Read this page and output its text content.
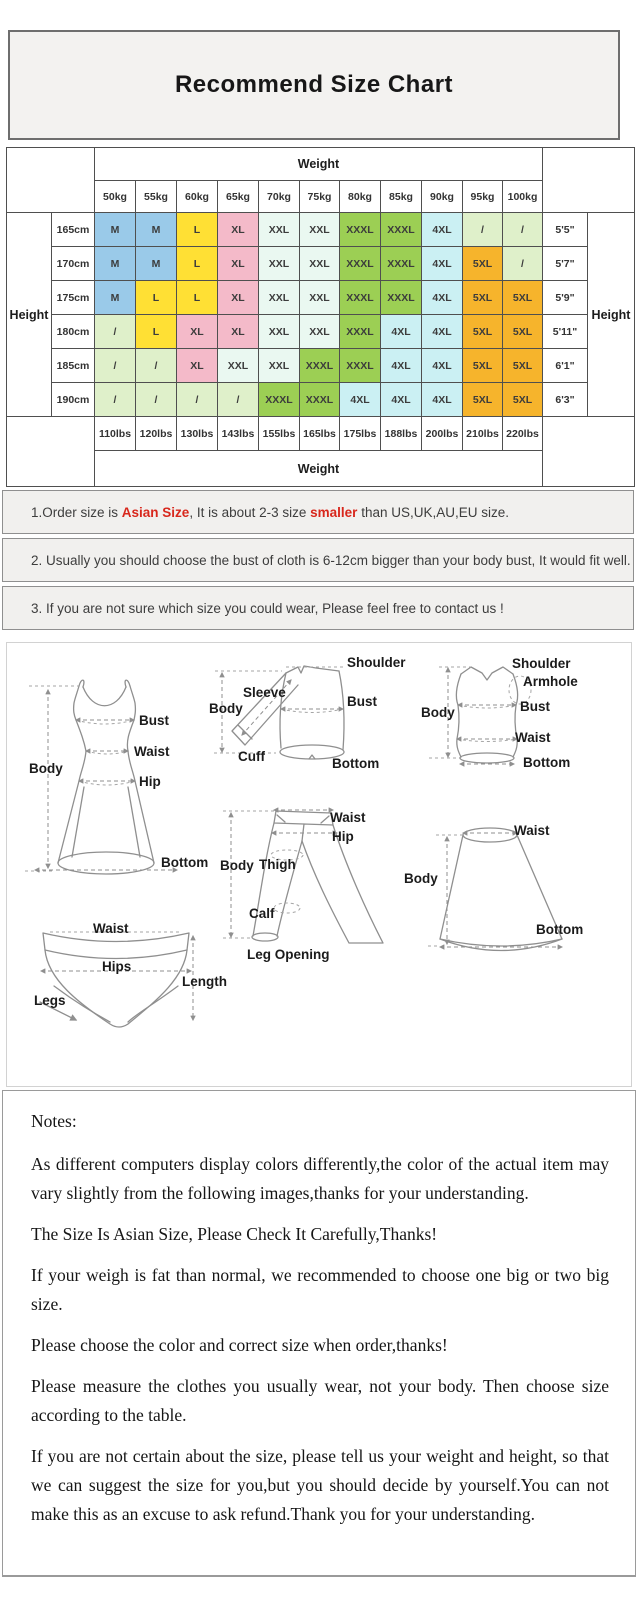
Recommend Size Chart
		Weight												
		50kg	55kg	60kg	65kg	70kg	75kg	80kg	85kg	90kg	95kg	100kg		
Height	165cm	M	M	L	XL	XXL	XXL	XXXL	XXXL	4XL	/	/	5'5"	Height
	170cm	M	M	L	XL	XXL	XXL	XXXL	XXXL	4XL	5XL	/	5'7"	
	175cm	M	L	L	XL	XXL	XXL	XXXL	XXXL	4XL	5XL	5XL	5'9"	
	180cm	/	L	XL	XL	XXL	XXL	XXXL	4XL	4XL	5XL	5XL	5'11"	
	185cm	/	/	XL	XXL	XXL	XXXL	XXXL	4XL	4XL	5XL	5XL	6'1"	
	190cm	/	/	/	/	XXXL	XXXL	4XL	4XL	4XL	5XL	5XL	6'3"	
		110lbs	120lbs	130lbs	143lbs	155lbs	165lbs	175lbs	188lbs	200lbs	210lbs	220lbs		
		Weight												
1.Order size is Asian Size , It is about 2-3 size smaller than US,UK,AU,EU size.
2. Usually you should choose the bust of cloth is 6-12cm bigger than your body bust, It would fit well.
3. If you are not sure which size you could wear, Please feel free to contact us !
Bust
Waist
Hip
Body
Bottom
Shoulder
Sleeve
Bust
Body
Cuff	Bottom
Shoulder
Armhole
Bust
Body
Waist
Bottom
Waist
Hip
Body Thigh
Calf
Leg Opening
Waist
Body
Bottom
Waist
Hips
Legs
Length

Notes:

As different computers display colors differently,the color of the actual item may vary slightly from the following images,thanks for your understanding.

The Size Is Asian Size, Please Check It Carefully,Thanks!

If your weigh is fat than normal, we recommended to choose one big or two big size.

Please choose the color and correct size when order,thanks!

Please measure the clothes you usually wear, not your body. Then choose size according to the table.

If you are not certain about the size, please tell us your weight and height, so that we can suggest the size for you,but you should decide by yourself.You can not make this as an excuse to ask refund.Thank you for your understanding.
